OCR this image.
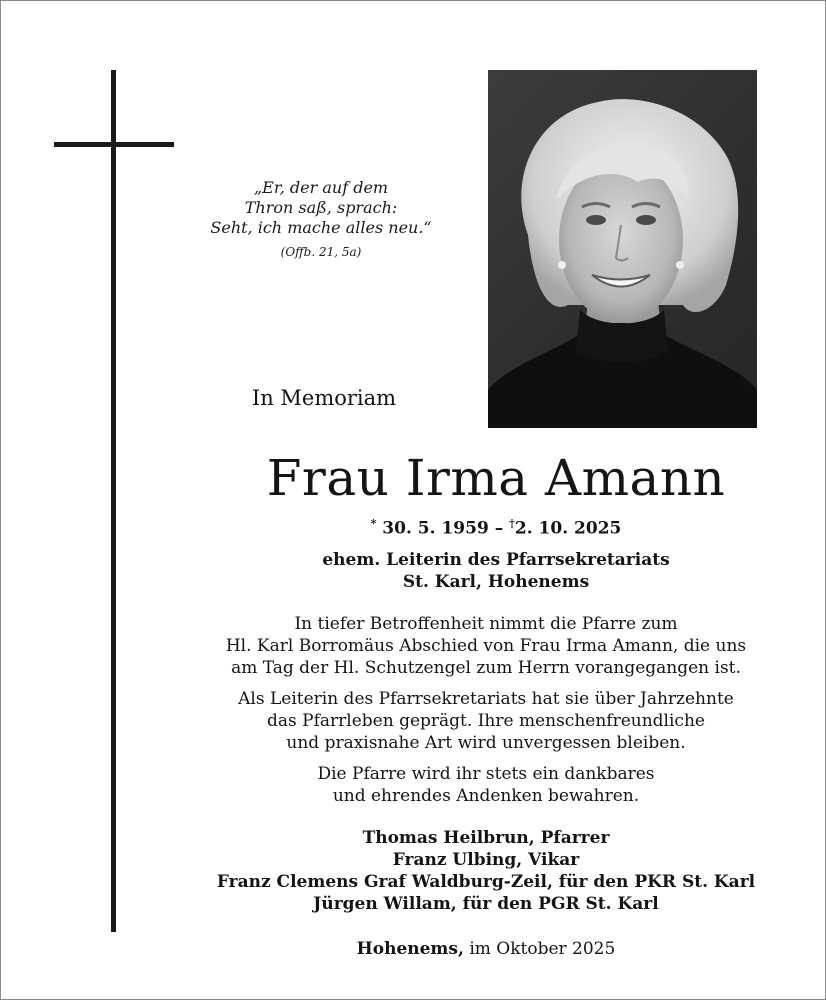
„Er, der auf dem
Thron saß, sprach:
Seht, ich mache alles neu.“
(Offb. 21, 5a)
In Memoriam
Frau Irma Amann
* 30. 5. 1959 – †2. 10. 2025
ehem. Leiterin des Pfarrsekretariats
St. Karl, Hohenems
In tiefer Betroffenheit nimmt die Pfarre zum
Hl. Karl Borromäus Abschied von Frau Irma Amann, die uns
am Tag der Hl. Schutzengel zum Herrn vorangegangen ist.
Als Leiterin des Pfarrsekretariats hat sie über Jahrzehnte
das Pfarrleben geprägt. Ihre menschenfreundliche
und praxisnahe Art wird unvergessen bleiben.
Die Pfarre wird ihr stets ein dankbares
und ehrendes Andenken bewahren.
Thomas Heilbrun, Pfarrer
Franz Ulbing, Vikar
Franz Clemens Graf Waldburg-Zeil, für den PKR St. Karl
Jürgen Willam, für den PGR St. Karl
Hohenems, im Oktober 2025
